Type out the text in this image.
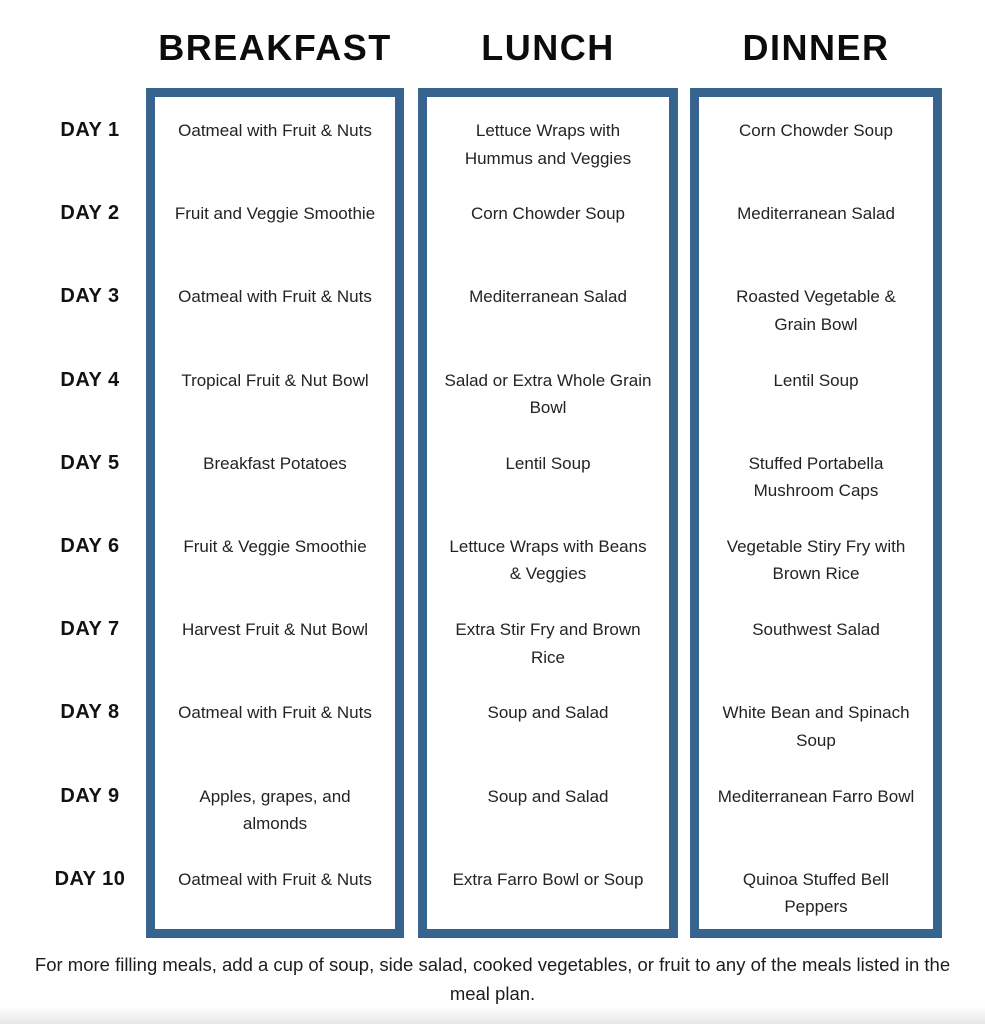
BREAKFAST	LUNCH	DINNER
DAY 1
DAY 2
DAY 3
DAY 4
DAY 5
DAY 6
DAY 7
DAY 8
DAY 9
DAY 10
Oatmeal with Fruit & Nuts
Fruit and Veggie Smoothie
Oatmeal with Fruit & Nuts
Tropical Fruit & Nut Bowl
Breakfast Potatoes
Fruit & Veggie Smoothie
Harvest Fruit & Nut Bowl
Oatmeal with Fruit & Nuts
Apples, grapes, and almonds
Oatmeal with Fruit & Nuts
Lettuce Wraps with Hummus and Veggies
Corn Chowder Soup
Mediterranean Salad
Salad or Extra Whole Grain Bowl
Lentil Soup
Lettuce Wraps with Beans & Veggies
Extra Stir Fry and Brown Rice
Soup and Salad
Soup and Salad
Extra Farro Bowl or Soup
Corn Chowder Soup
Mediterranean Salad
Roasted Vegetable & Grain Bowl
Lentil Soup
Stuffed Portabella Mushroom Caps
Vegetable Stiry Fry with Brown Rice
Southwest Salad
White Bean and Spinach Soup
Mediterranean Farro Bowl
Quinoa Stuffed Bell Peppers
For more filling meals, add a cup of soup, side salad, cooked vegetables, or fruit to any of the meals listed in the meal plan.
